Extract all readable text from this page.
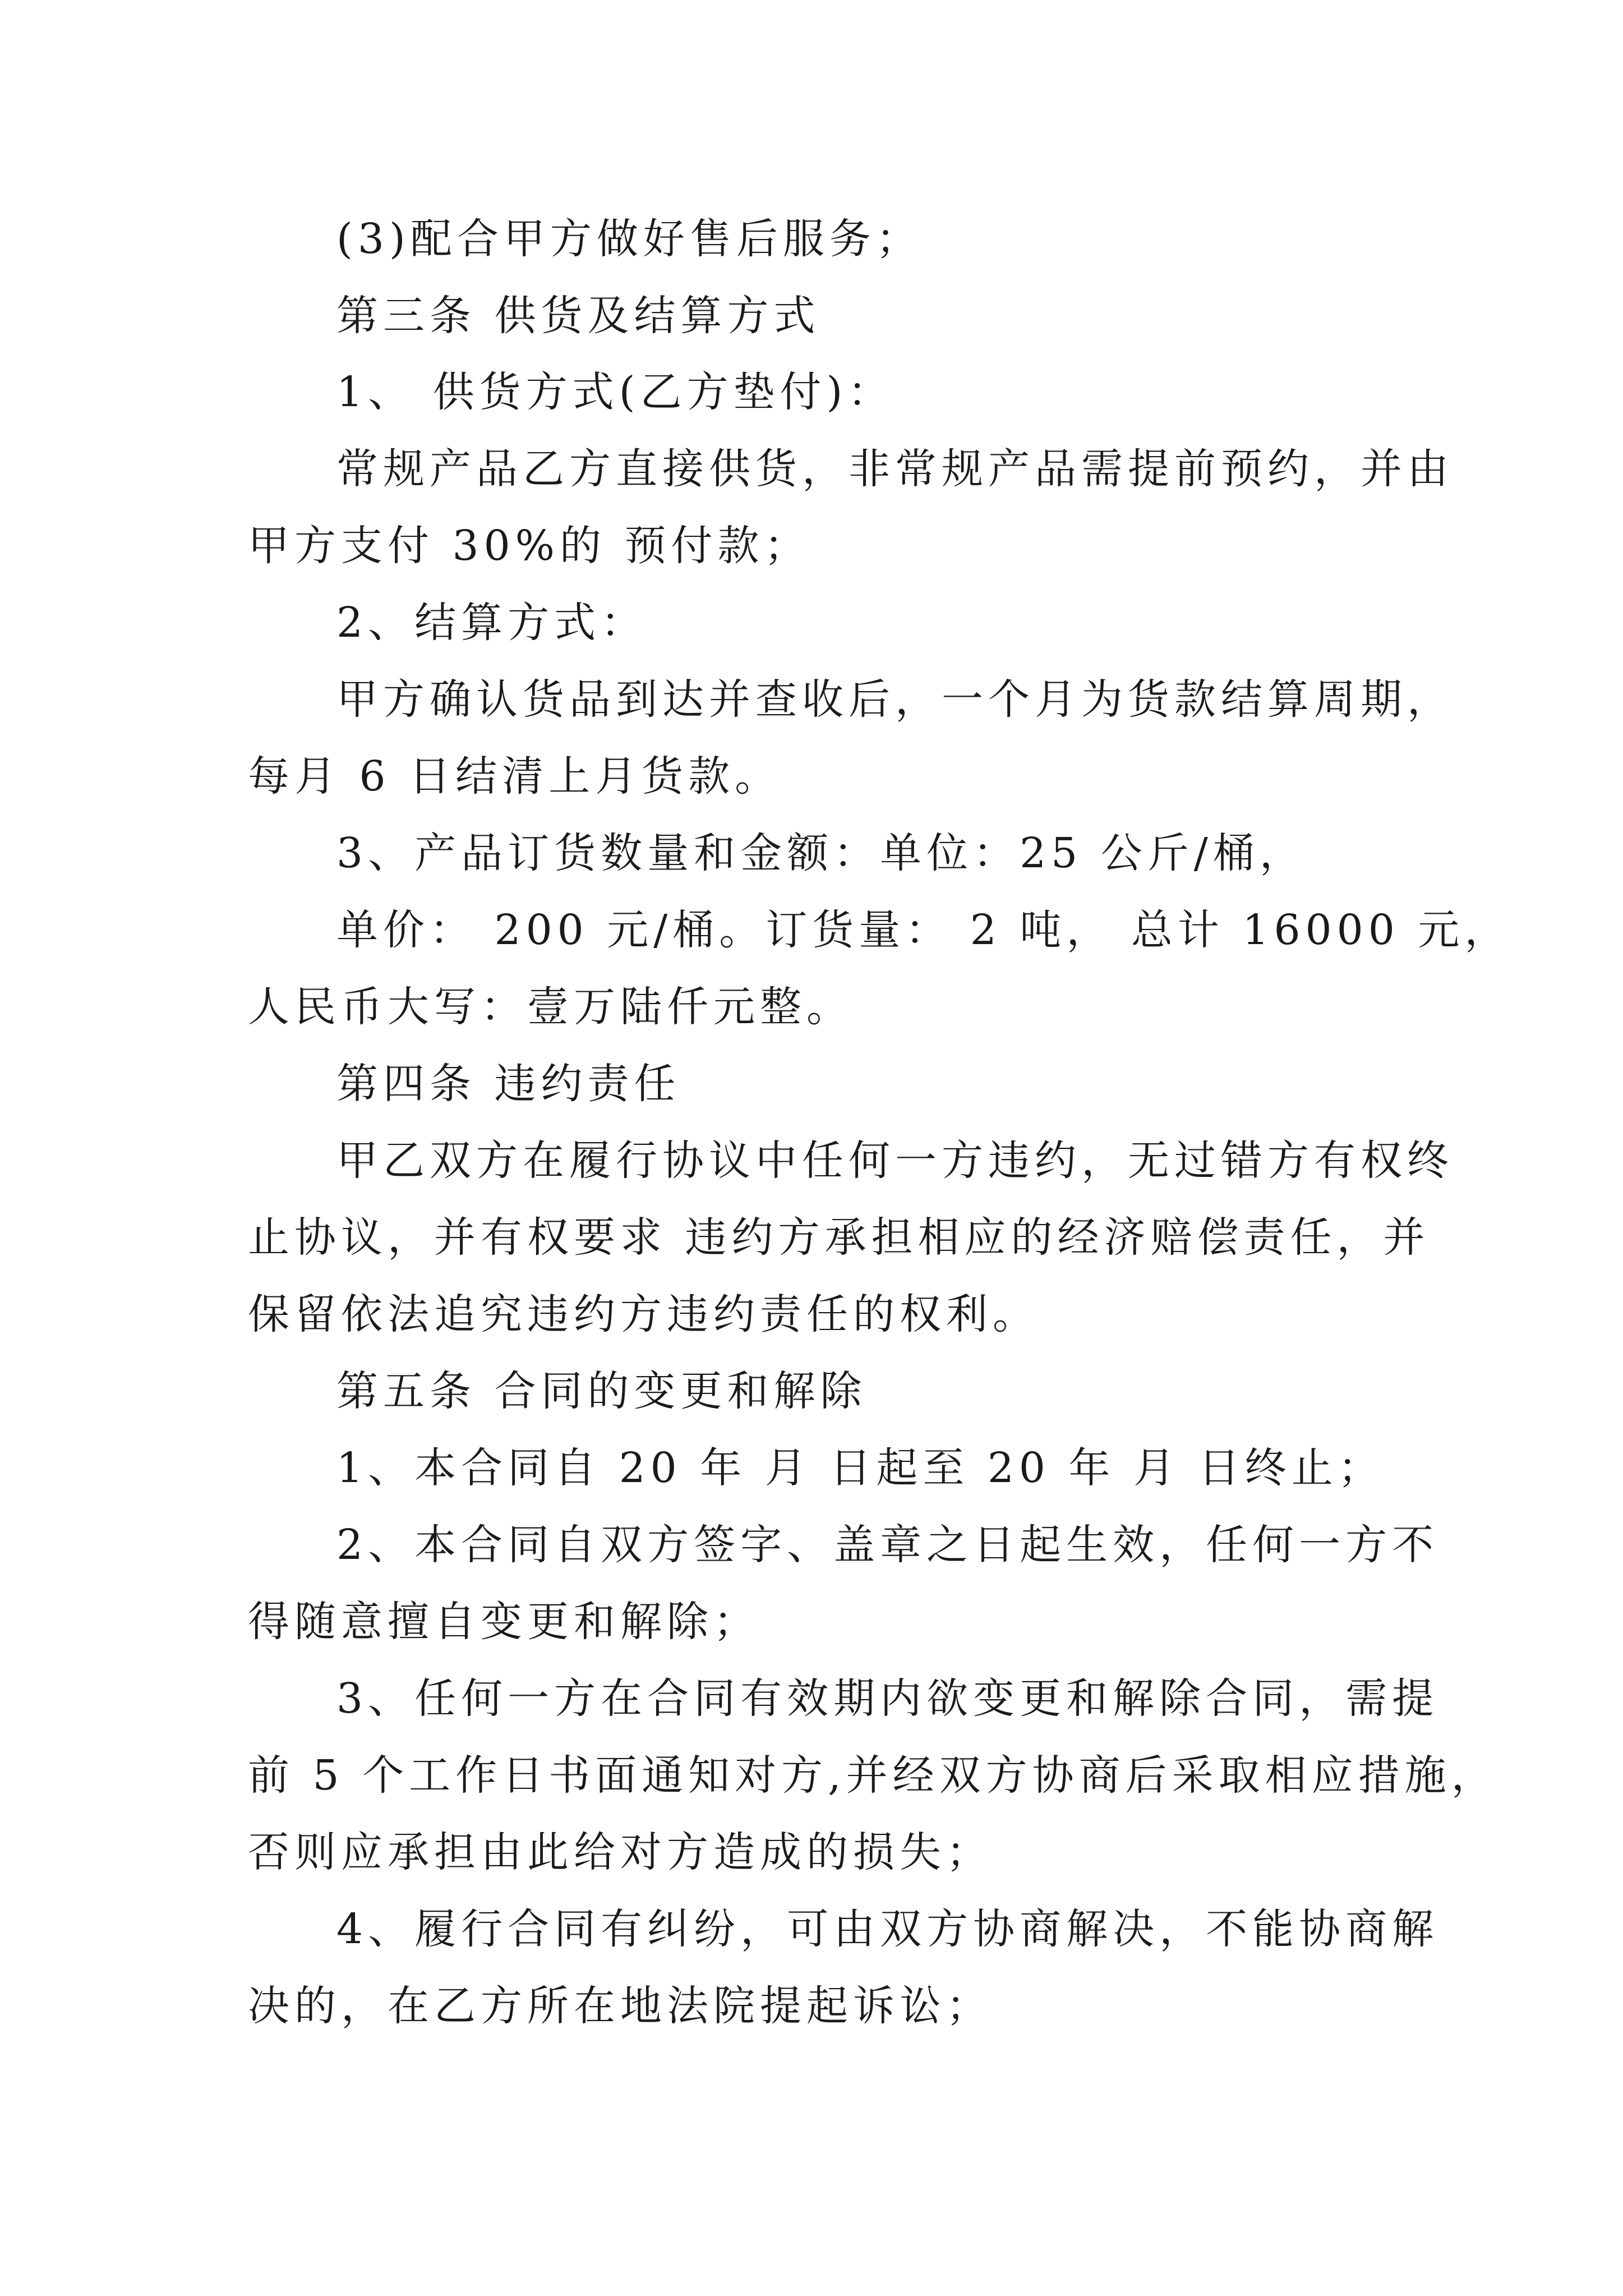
(3)配合甲方做好售后服务；
第三条 供货及结算方式
1、 供货方式(乙方垫付)：
常规产品乙方直接供货，非常规产品需提前预约，并由
甲方支付 30%的 预付款；
2、结算方式：
甲方确认货品到达并查收后，一个月为货款结算周期，
每月 6 日结清上月货款。
3、产品订货数量和金额：单位：25 公斤/桶，
单价： 200 元/桶。订货量： 2 吨， 总计 16000 元，
人民币大写：壹万陆仟元整。
第四条 违约责任
甲乙双方在履行协议中任何一方违约，无过错方有权终
止协议，并有权要求 违约方承担相应的经济赔偿责任，并
保留依法追究违约方违约责任的权利。
第五条 合同的变更和解除
1、本合同自 20 年 月 日起至 20 年 月 日终止；
2、本合同自双方签字、盖章之日起生效，任何一方不
得随意擅自变更和解除；
3、任何一方在合同有效期内欲变更和解除合同，需提
前 5 个工作日书面通知对方,并经双方协商后采取相应措施，
否则应承担由此给对方造成的损失；
4、履行合同有纠纷，可由双方协商解决，不能协商解
决的，在乙方所在地法院提起诉讼；
